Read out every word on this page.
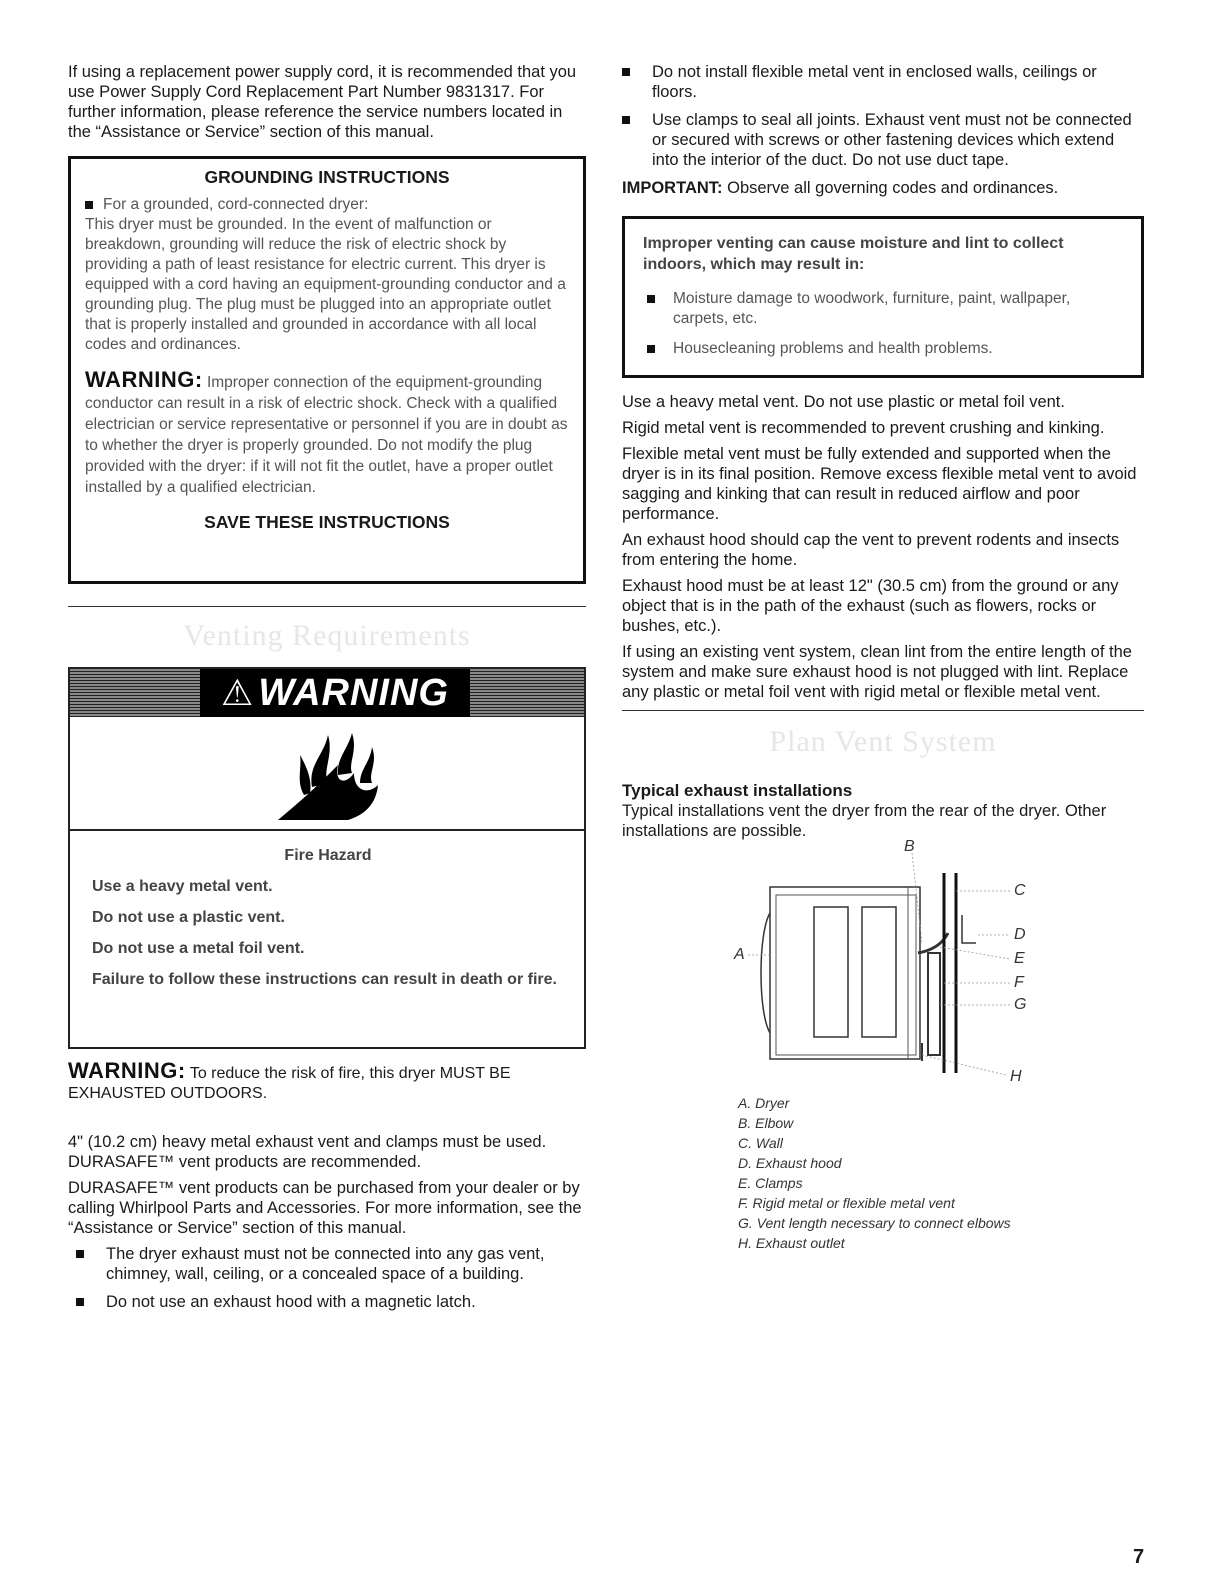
If using a replacement power supply cord, it is recommended that you use Power Supply Cord Replacement Part Number 9831317. For further information, please reference the service numbers located in the “Assistance or Service” section of this manual.

GROUNDING INSTRUCTIONS

For a grounded, cord-connected dryer:

This dryer must be grounded. In the event of malfunction or breakdown, grounding will reduce the risk of electric shock by providing a path of least resistance for electric current. This dryer is equipped with a cord having an equipment-grounding conductor and a grounding plug. The plug must be plugged into an appropriate outlet that is properly installed and grounded in accordance with all local codes and ordinances.

WARNING: Improper connection of the equipment-grounding conductor can result in a risk of electric shock. Check with a qualified electrician or service representative or personnel if you are in doubt as to whether the dryer is properly grounded. Do not modify the plug provided with the dryer: if it will not fit the outlet, have a proper outlet installed by a qualified electrician.

SAVE THESE INSTRUCTIONS

Venting Requirements
⚠ WARNING

Fire Hazard

Use a heavy metal vent.

Do not use a plastic vent.

Do not use a metal foil vent.

Failure to follow these instructions can result in death or fire.

WARNING: To reduce the risk of fire, this dryer MUST BE EXHAUSTED OUTDOORS.

4" (10.2 cm) heavy metal exhaust vent and clamps must be used. DURASAFE™ vent products are recommended.

DURASAFE™ vent products can be purchased from your dealer or by calling Whirlpool Parts and Accessories. For more information, see the “Assistance or Service” section of this manual.

The dryer exhaust must not be connected into any gas vent, chimney, wall, ceiling, or a concealed space of a building.

Do not use an exhaust hood with a magnetic latch.

Do not install flexible metal vent in enclosed walls, ceilings or floors.

Use clamps to seal all joints. Exhaust vent must not be connected or secured with screws or other fastening devices which extend into the interior of the duct. Do not use duct tape.

IMPORTANT: Observe all governing codes and ordinances.

Improper venting can cause moisture and lint to collect indoors, which may result in:

Moisture damage to woodwork, furniture, paint, wallpaper, carpets, etc.

Housecleaning problems and health problems.

Use a heavy metal vent. Do not use plastic or metal foil vent.

Rigid metal vent is recommended to prevent crushing and kinking.

Flexible metal vent must be fully extended and supported when the dryer is in its final position. Remove excess flexible metal vent to avoid sagging and kinking that can result in reduced airflow and poor performance.

An exhaust hood should cap the vent to prevent rodents and insects from entering the home.

Exhaust hood must be at least 12" (30.5 cm) from the ground or any object that is in the path of the exhaust (such as flowers, rocks or bushes, etc.).

If using an existing vent system, clean lint from the entire length of the system and make sure exhaust hood is not plugged with lint. Replace any plastic or metal foil vent with rigid metal or flexible metal vent.

Plan Vent System

Typical exhaust installations

Typical installations vent the dryer from the rear of the dryer. Other installations are possible.

B
C
D
E
F
G
A
H

A. Dryer

B. Elbow

C. Wall

D. Exhaust hood

E. Clamps

F. Rigid metal or flexible metal vent

G. Vent length necessary to connect elbows

H. Exhaust outlet

7
